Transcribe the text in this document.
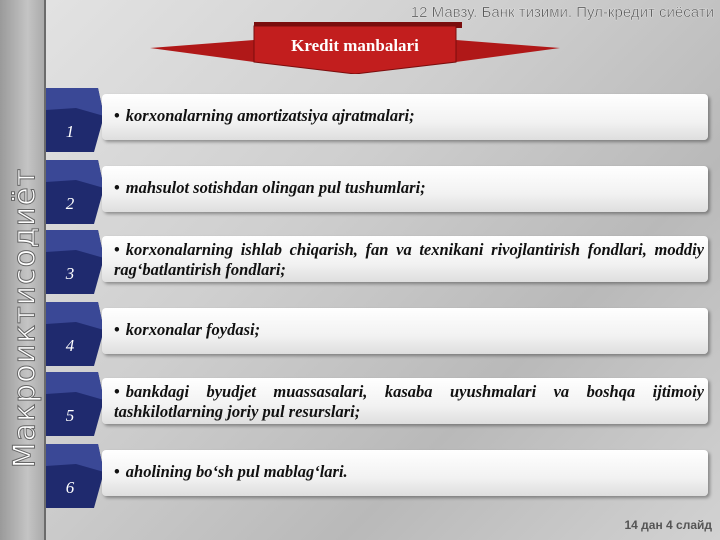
Макроиктисодиёт
12 Мавзу. Банк тизими. Пул-кредит сиёсати
Kredit manbalari
1
• korxonalarning amortizatsiya ajratmalari;
2
• mahsulot sotishdan olingan pul tushumlari;
3
• korxonalarning ishlab chiqarish, fan va texnikani rivojlantirish fondlari, moddiy rag‘batlantirish fondlari;
4
• korxonalar foydasi;
5
• bankdagi byudjet muassasalari, kasaba uyushmalari va boshqa ijtimoiy tashkilotlarning joriy pul resurslari;
6
• aholining bo‘sh pul mablag‘lari.
14 дан 4 слайд
